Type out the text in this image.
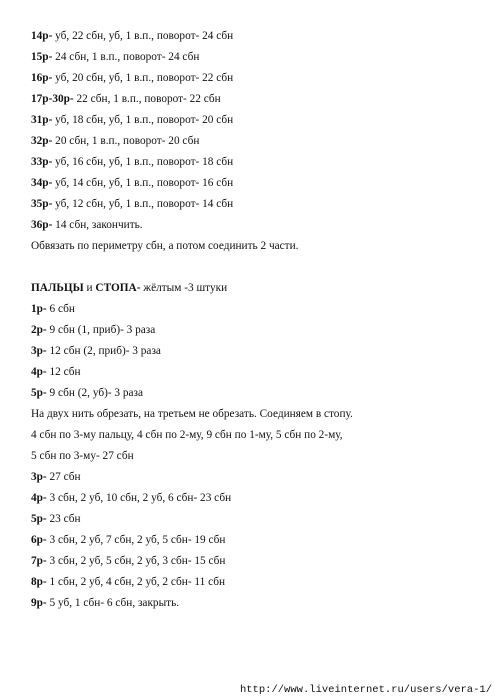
14р- уб, 22 сбн, уб, 1 в.п., поворот- 24 сбн
15р- 24 сбн, 1 в.п., поворот- 24 сбн
16р- уб, 20 сбн, уб, 1 в.п., поворот- 22 сбн
17р-30р- 22 сбн, 1 в.п., поворот- 22 сбн
31р- уб, 18 сбн, уб, 1 в.п., поворот- 20 сбн
32р- 20 сбн, 1 в.п., поворот- 20 сбн
33р- уб, 16 сбн, уб, 1 в.п., поворот- 18 сбн
34р- уб, 14 сбн, уб, 1 в.п., поворот- 16 сбн
35р- уб, 12 сбн, уб, 1 в.п., поворот- 14 сбн
36р- 14 сбн, закончить.
Обвязать по периметру сбн, а потом соединить 2 части.
ПАЛЬЦЫ и СТОПА- жёлтым -3 штуки
1р- 6 сбн
2р- 9 сбн (1, приб)- 3 раза
3р- 12 сбн (2, приб)- 3 раза
4р- 12 сбн
5р- 9 сбн (2, уб)- 3 раза
На двух нить обрезать, на третьем не обрезать. Соединяем в стопу.
4 сбн по 3-му пальцу, 4 сбн по 2-му, 9 сбн по 1-му, 5 сбн по 2-му,
5 сбн по 3-му- 27 сбн
3р- 27 сбн
4р- 3 сбн, 2 уб, 10 сбн, 2 уб, 6 сбн- 23 сбн
5р- 23 сбн
6р- 3 сбн, 2 уб, 7 сбн, 2 уб, 5 сбн- 19 сбн
7р- 3 сбн, 2 уб, 5 сбн, 2 уб, 3 сбн- 15 сбн
8р- 1 сбн, 2 уб, 4 сбн, 2 уб, 2 сбн- 11 сбн
9р- 5 уб, 1 сбн- 6 сбн, закрыть.
http://www.liveinternet.ru/users/vera-1/
